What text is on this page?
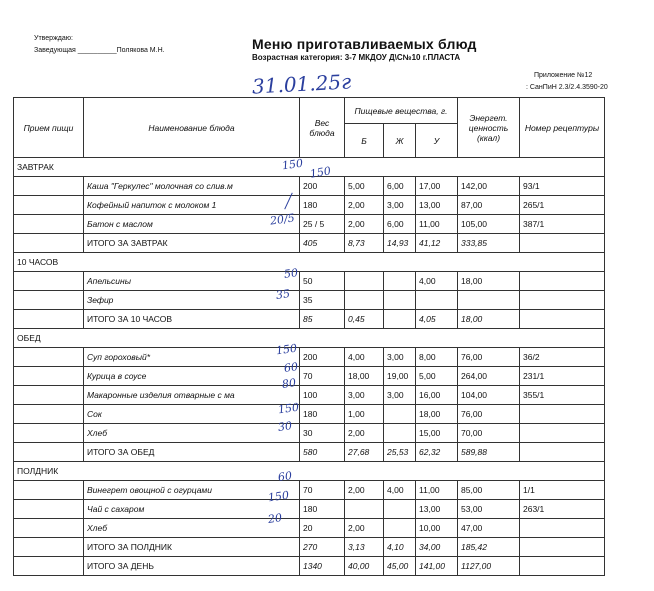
Утверждаю:
Заведующая __________Полякова М.Н.	Меню приготавливаемых блюд
Возрастная категория: 3-7 МКДОУ Д\С№10 г.ПЛАСТА
Приложение №12
: СанПиН 2.3/2.4.3590-20
31.01.25г
Прием пищи	Наименование блюда	Вес блюда	Пищевые вещества, г.			Энергет. ценность (ккал)	Номер рецептуры
			Б	Ж	У		
ЗАВТРАК							
	Каша "Геркулес" молочная со слив.м	200	5,00	6,00	17,00	142,00	93/1
	Кофейный напиток с молоком 1	180	2,00	3,00	13,00	87,00	265/1
	Батон с маслом	25 / 5	2,00	6,00	11,00	105,00	387/1
	ИТОГО ЗА ЗАВТРАК	405	8,73	14,93	41,12	333,85	
10 ЧАСОВ							
	Апельсины	50			4,00	18,00	
	Зефир	35					
	ИТОГО ЗА 10 ЧАСОВ	85	0,45		4,05	18,00	
ОБЕД							
	Суп гороховый*	200	4,00	3,00	8,00	76,00	36/2
	Курица в соусе	70	18,00	19,00	5,00	264,00	231/1
	Макаронные изделия отварные с ма	100	3,00	3,00	16,00	104,00	355/1
	Сок	180	1,00		18,00	76,00	
	Хлеб	30	2,00		15,00	70,00	
	ИТОГО ЗА ОБЕД	580	27,68	25,53	62,32	589,88	
ПОЛДНИК							
	Винегрет овощной с огурцами	70	2,00	4,00	11,00	85,00	1/1
	Чай с сахаром	180			13,00	53,00	263/1
	Хлеб	20	2,00		10,00	47,00	
	ИТОГО ЗА ПОЛДНИК	270	3,13	4,10	34,00	185,42	
	ИТОГО ЗА ДЕНЬ	1340	40,00	45,00	141,00	1127,00	
150 150
20/5
50
35
150
60
80
150
30
60
150
20
